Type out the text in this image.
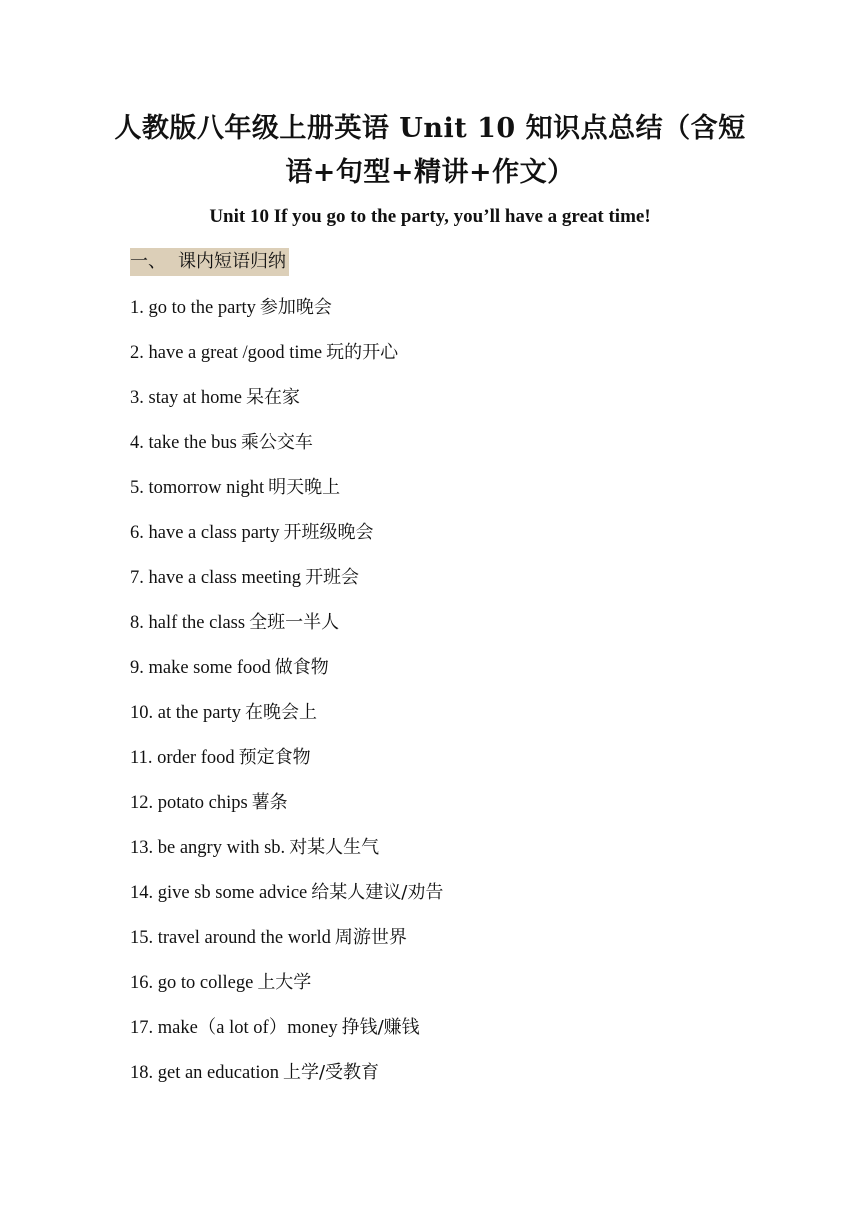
人教版八年级上册英语 Unit 10 知识点总结（含短
语+句型+精讲+作文）
Unit 10 If you go to the party, you’ll have a great time!
一、 课内短语归纳
1. go to the party 参加晚会
2. have a great /good time 玩的开心
3. stay at home 呆在家
4. take the bus 乘公交车
5. tomorrow night 明天晚上
6. have a class party 开班级晚会
7. have a class meeting 开班会
8. half the class 全班一半人
9. make some food 做食物
10. at the party 在晚会上
11. order food 预定食物
12. potato chips 薯条
13. be angry with sb. 对某人生气
14. give sb some advice 给某人建议/劝告
15. travel around the world 周游世界
16. go to college 上大学
17. make（a lot of）money 挣钱/赚钱
18. get an education 上学/受教育
